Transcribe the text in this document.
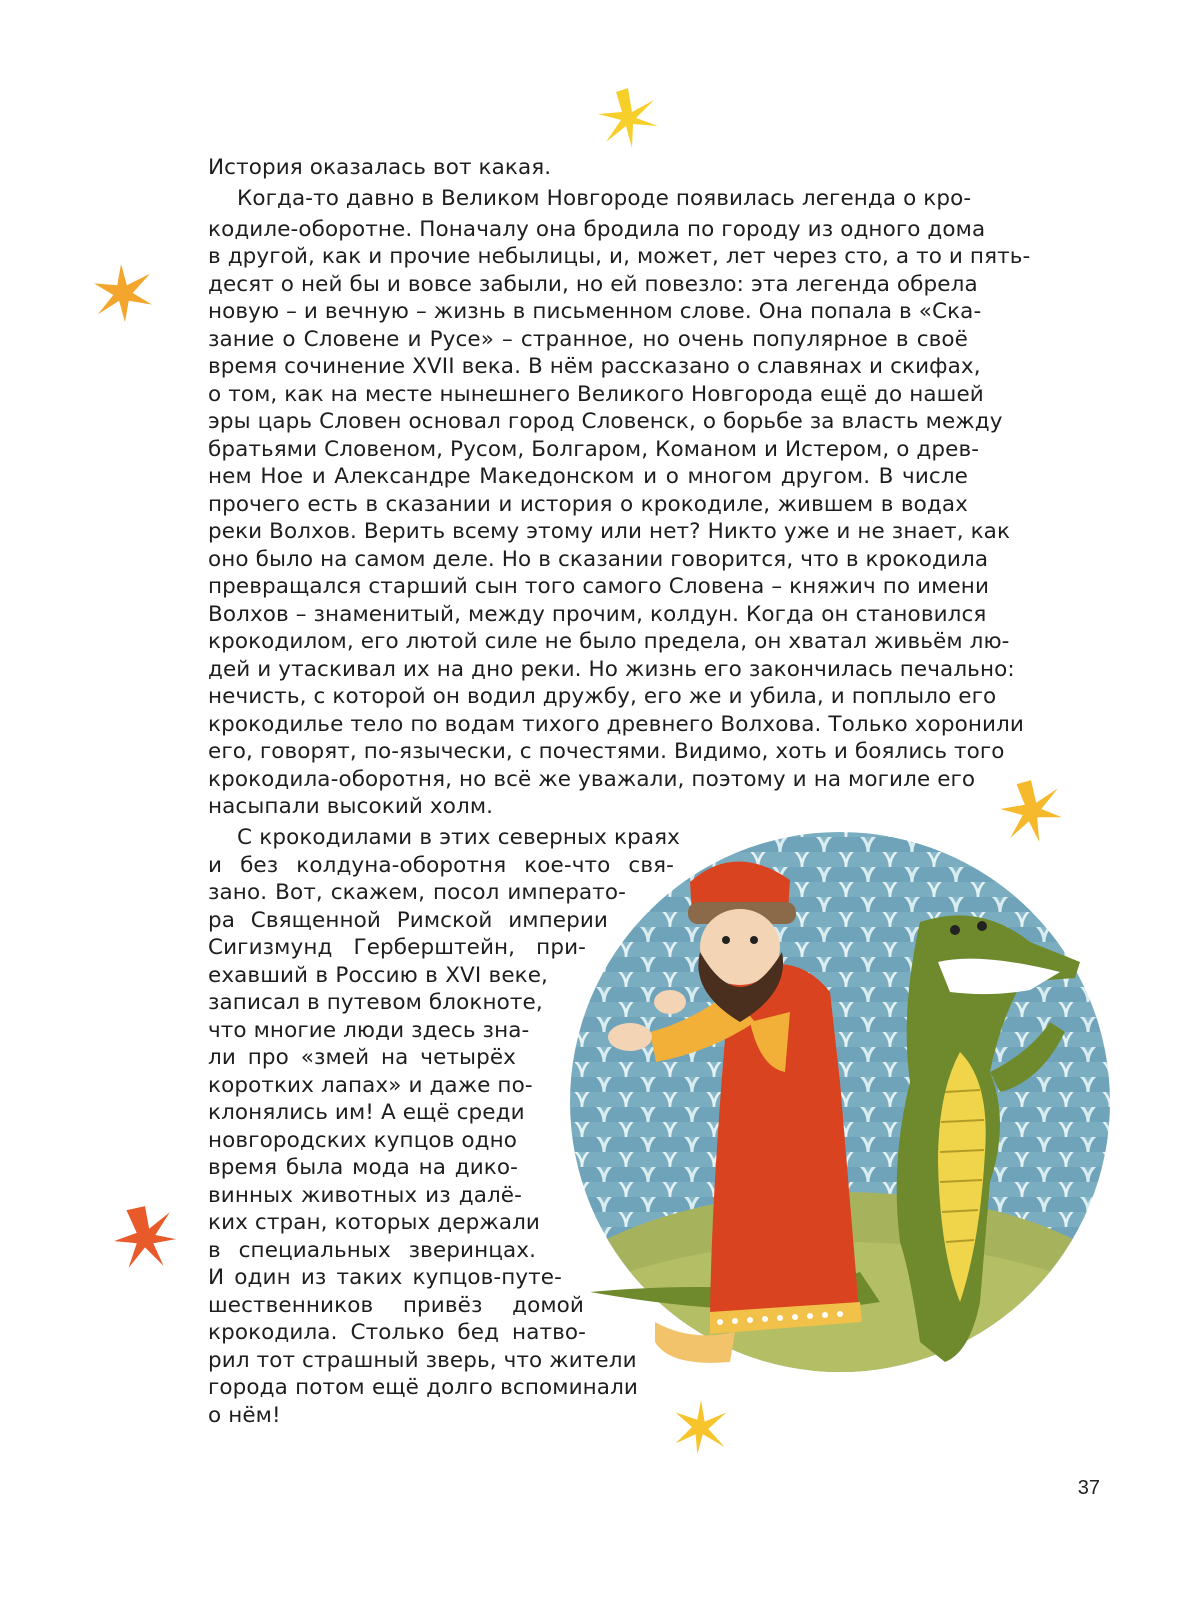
История оказалась вот какая.

Когда-то давно в Великом Новгороде появилась легенда о кро-

кодиле-оборотне. Поначалу она бродила по городу из одного дома

в другой, как и прочие небылицы, и, может, лет через сто, а то и пять-

десят о ней бы и вовсе забыли, но ей повезло: эта легенда обрела

новую – и вечную – жизнь в письменном слове. Она попала в «Ска-

зание о Словене и Русе» – странное, но очень популярное в своё

время сочинение XVII века. В нём рассказано о славянах и скифах,

о том, как на месте нынешнего Великого Новгорода ещё до нашей

эры царь Словен основал город Словенск, о борьбе за власть между

братьями Словеном, Русом, Болгаром, Команом и Истером, о древ-

нем Ное и Александре Македонском и о многом другом. В числе

прочего есть в сказании и история о крокодиле, жившем в водах

реки Волхов. Верить всему этому или нет? Никто уже и не знает, как

оно было на самом деле. Но в сказании говорится, что в крокодила

превращался старший сын того самого Словена – княжич по имени

Волхов – знаменитый, между прочим, колдун. Когда он становился

крокодилом, его лютой силе не было предела, он хватал живьём лю-

дей и утаскивал их на дно реки. Но жизнь его закончилась печально:

нечисть, с которой он водил дружбу, его же и убила, и поплыло его

крокодилье тело по водам тихого древнего Волхова. Только хоронили

его, говорят, по-язычески, с почестями. Видимо, хоть и боялись того

крокодила-оборотня, но всё же уважали, поэтому и на могиле его

насыпали высокий холм.

С крокодилами в этих северных краях

и без колдуна-оборотня кое-что свя-

зано. Вот, скажем, посол императо-

ра Священной Римской империи

Сигизмунд Герберштейн, при-

ехавший в Россию в XVI веке,

записал в путевом блокноте,

что многие люди здесь зна-

ли про «змей на четырёх

коротких лапах» и даже по-

клонялись им! А ещё среди

новгородских купцов одно

время была мода на дико-

винных животных из далё-

ких стран, которых держали

в специальных зверинцах.

И один из таких купцов-путе-

шественников привёз домой

крокодила. Столько бед натво-

рил тот страшный зверь, что жители

города потом ещё долго вспоминали

о нём!

37
